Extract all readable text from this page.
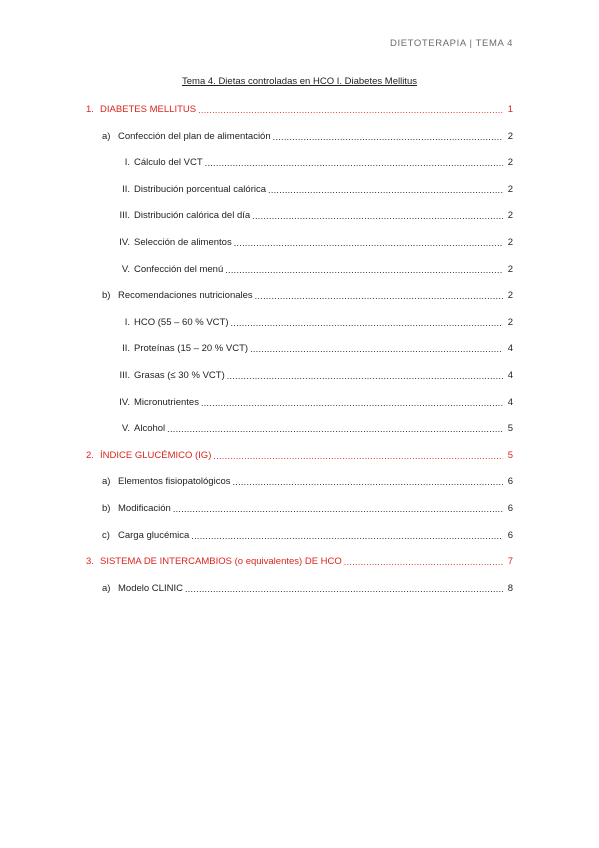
DIETOTERAPIA | TEMA 4
Tema 4. Dietas controladas en HCO I. Diabetes Mellitus
1. DIABETES MELLITUS .....	1
a) Confección del plan de alimentación .....	2
I. Cálculo del VCT .....	2
II. Distribución porcentual calórica .....	2
III. Distribución calórica del día .....	2
IV. Selección de alimentos .....	2
V. Confección del menú .....	2
b) Recomendaciones nutricionales .....	2
I. HCO (55 – 60 % VCT) .....	2
II. Proteínas (15 – 20 % VCT) .....	4
III. Grasas (≤ 30 % VCT) .....	4
IV. Micronutrientes .....	4
V. Alcohol .....	5
2. ÍNDICE GLUCÉMICO (IG) .....	5
a) Elementos fisiopatológicos .....	6
b) Modificación .....	6
c) Carga glucémica .....	6
3. SISTEMA DE INTERCAMBIOS (o equivalentes) DE HCO .....	7
a) Modelo CLINIC .....	8
